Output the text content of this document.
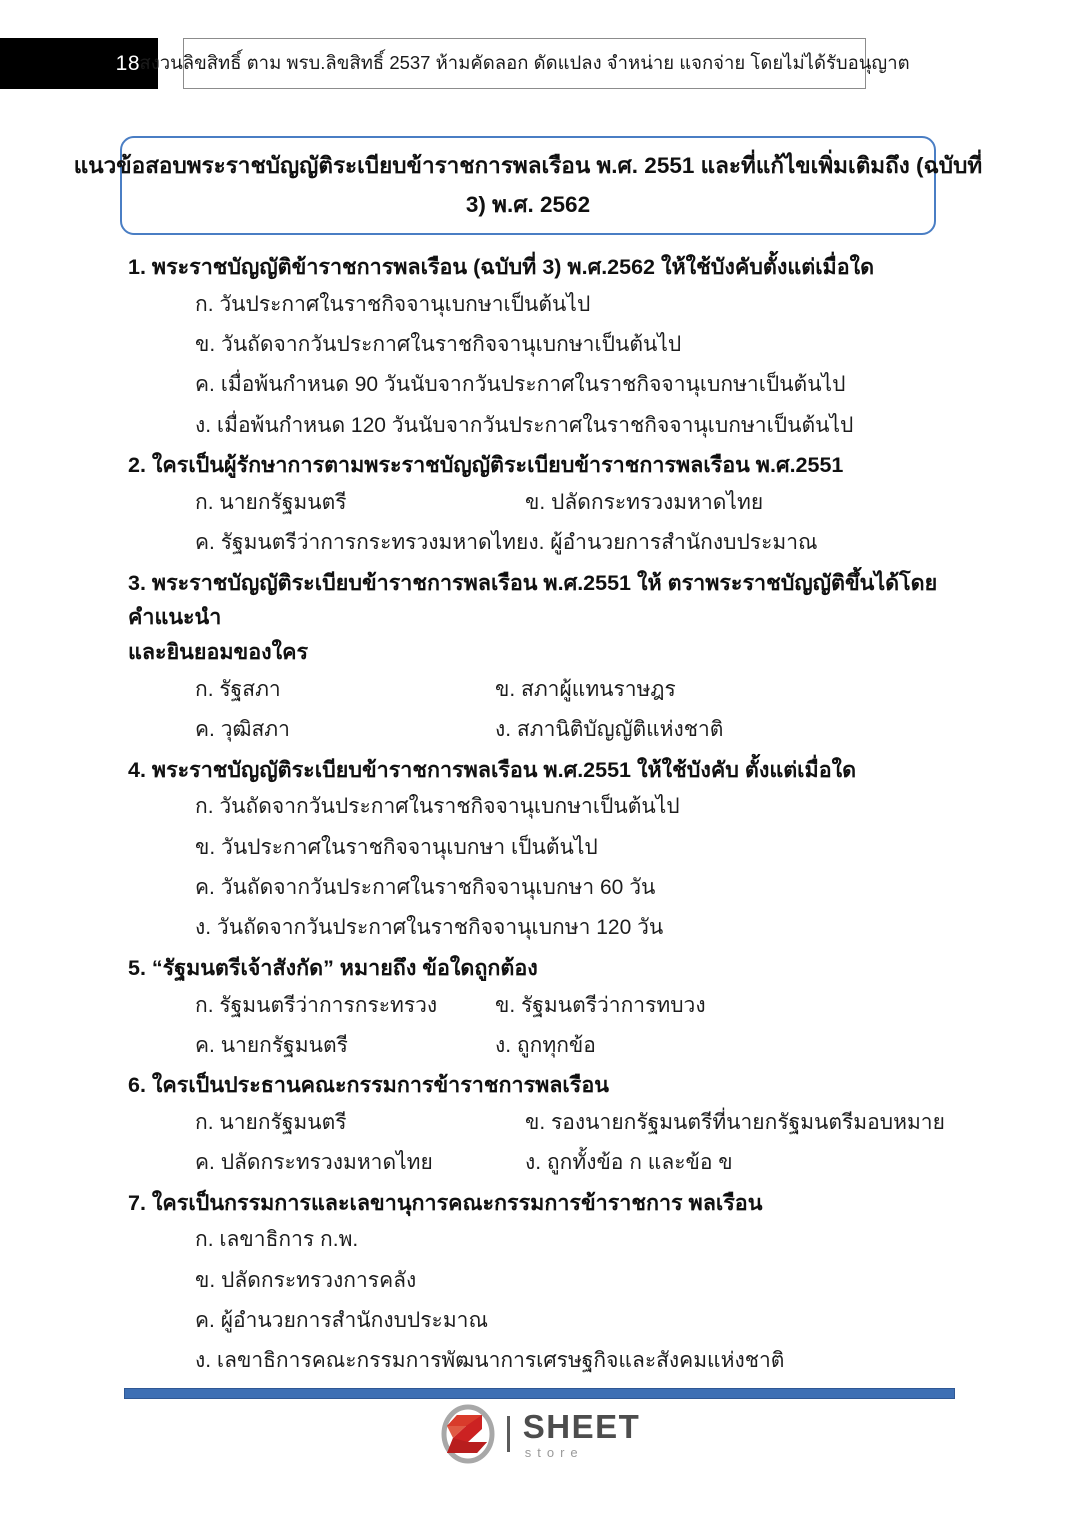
18 สงวนลิขสิทธิ์ ตาม พรบ.ลิขสิทธิ์ 2537 ห้ามคัดลอก ดัดแปลง จำหน่าย แจกจ่าย โดยไม่ได้รับอนุญาต
แนวข้อสอบพระราชบัญญัติระเบียบข้าราชการพลเรือน พ.ศ. 2551 และที่แก้ไขเพิ่มเติมถึง (ฉบับที่
3) พ.ศ. 2562
1. พระราชบัญญัติข้าราชการพลเรือน (ฉบับที่ 3) พ.ศ.2562 ให้ใช้บังคับตั้งแต่เมื่อใด
ก. วันประกาศในราชกิจจานุเบกษาเป็นต้นไป
ข. วันถัดจากวันประกาศในราชกิจจานุเบกษาเป็นต้นไป
ค. เมื่อพ้นกำหนด 90 วันนับจากวันประกาศในราชกิจจานุเบกษาเป็นต้นไป
ง. เมื่อพ้นกำหนด 120 วันนับจากวันประกาศในราชกิจจานุเบกษาเป็นต้นไป
2. ใครเป็นผู้รักษาการตามพระราชบัญญัติระเบียบข้าราชการพลเรือน พ.ศ.2551
ก. นายกรัฐมนตรี	ข. ปลัดกระทรวงมหาดไทย
ค. รัฐมนตรีว่าการกระทรวงมหาดไทย ง. ผู้อำนวยการสำนักงบประมาณ
3. พระราชบัญญัติระเบียบข้าราชการพลเรือน พ.ศ.2551 ให้ ตราพระราชบัญญัติขึ้นได้โดยคำแนะนำ
และยินยอมของใคร
ก. รัฐสภา	ข. สภาผู้แทนราษฎร
ค. วุฒิสภา	ง. สภานิติบัญญัติแห่งชาติ
4. พระราชบัญญัติระเบียบข้าราชการพลเรือน พ.ศ.2551 ให้ใช้บังคับ ตั้งแต่เมื่อใด
ก. วันถัดจากวันประกาศในราชกิจจานุเบกษาเป็นต้นไป
ข. วันประกาศในราชกิจจานุเบกษา เป็นต้นไป
ค. วันถัดจากวันประกาศในราชกิจจานุเบกษา 60 วัน
ง. วันถัดจากวันประกาศในราชกิจจานุเบกษา 120 วัน
5. “รัฐมนตรีเจ้าสังกัด” หมายถึง ข้อใดถูกต้อง
ก. รัฐมนตรีว่าการกระทรวง	ข. รัฐมนตรีว่าการทบวง
ค. นายกรัฐมนตรี	ง. ถูกทุกข้อ
6. ใครเป็นประธานคณะกรรมการข้าราชการพลเรือน
ก. นายกรัฐมนตรี	ข. รองนายกรัฐมนตรีที่นายกรัฐมนตรีมอบหมาย
ค. ปลัดกระทรวงมหาดไทย	ง. ถูกทั้งข้อ ก และข้อ ข
7. ใครเป็นกรรมการและเลขานุการคณะกรรมการข้าราชการ พลเรือน
ก. เลขาธิการ ก.พ.
ข. ปลัดกระทรวงการคลัง
ค. ผู้อำนวยการสำนักงบประมาณ
ง. เลขาธิการคณะกรรมการพัฒนาการเศรษฐกิจและสังคมแห่งชาติ
SHEET
store
